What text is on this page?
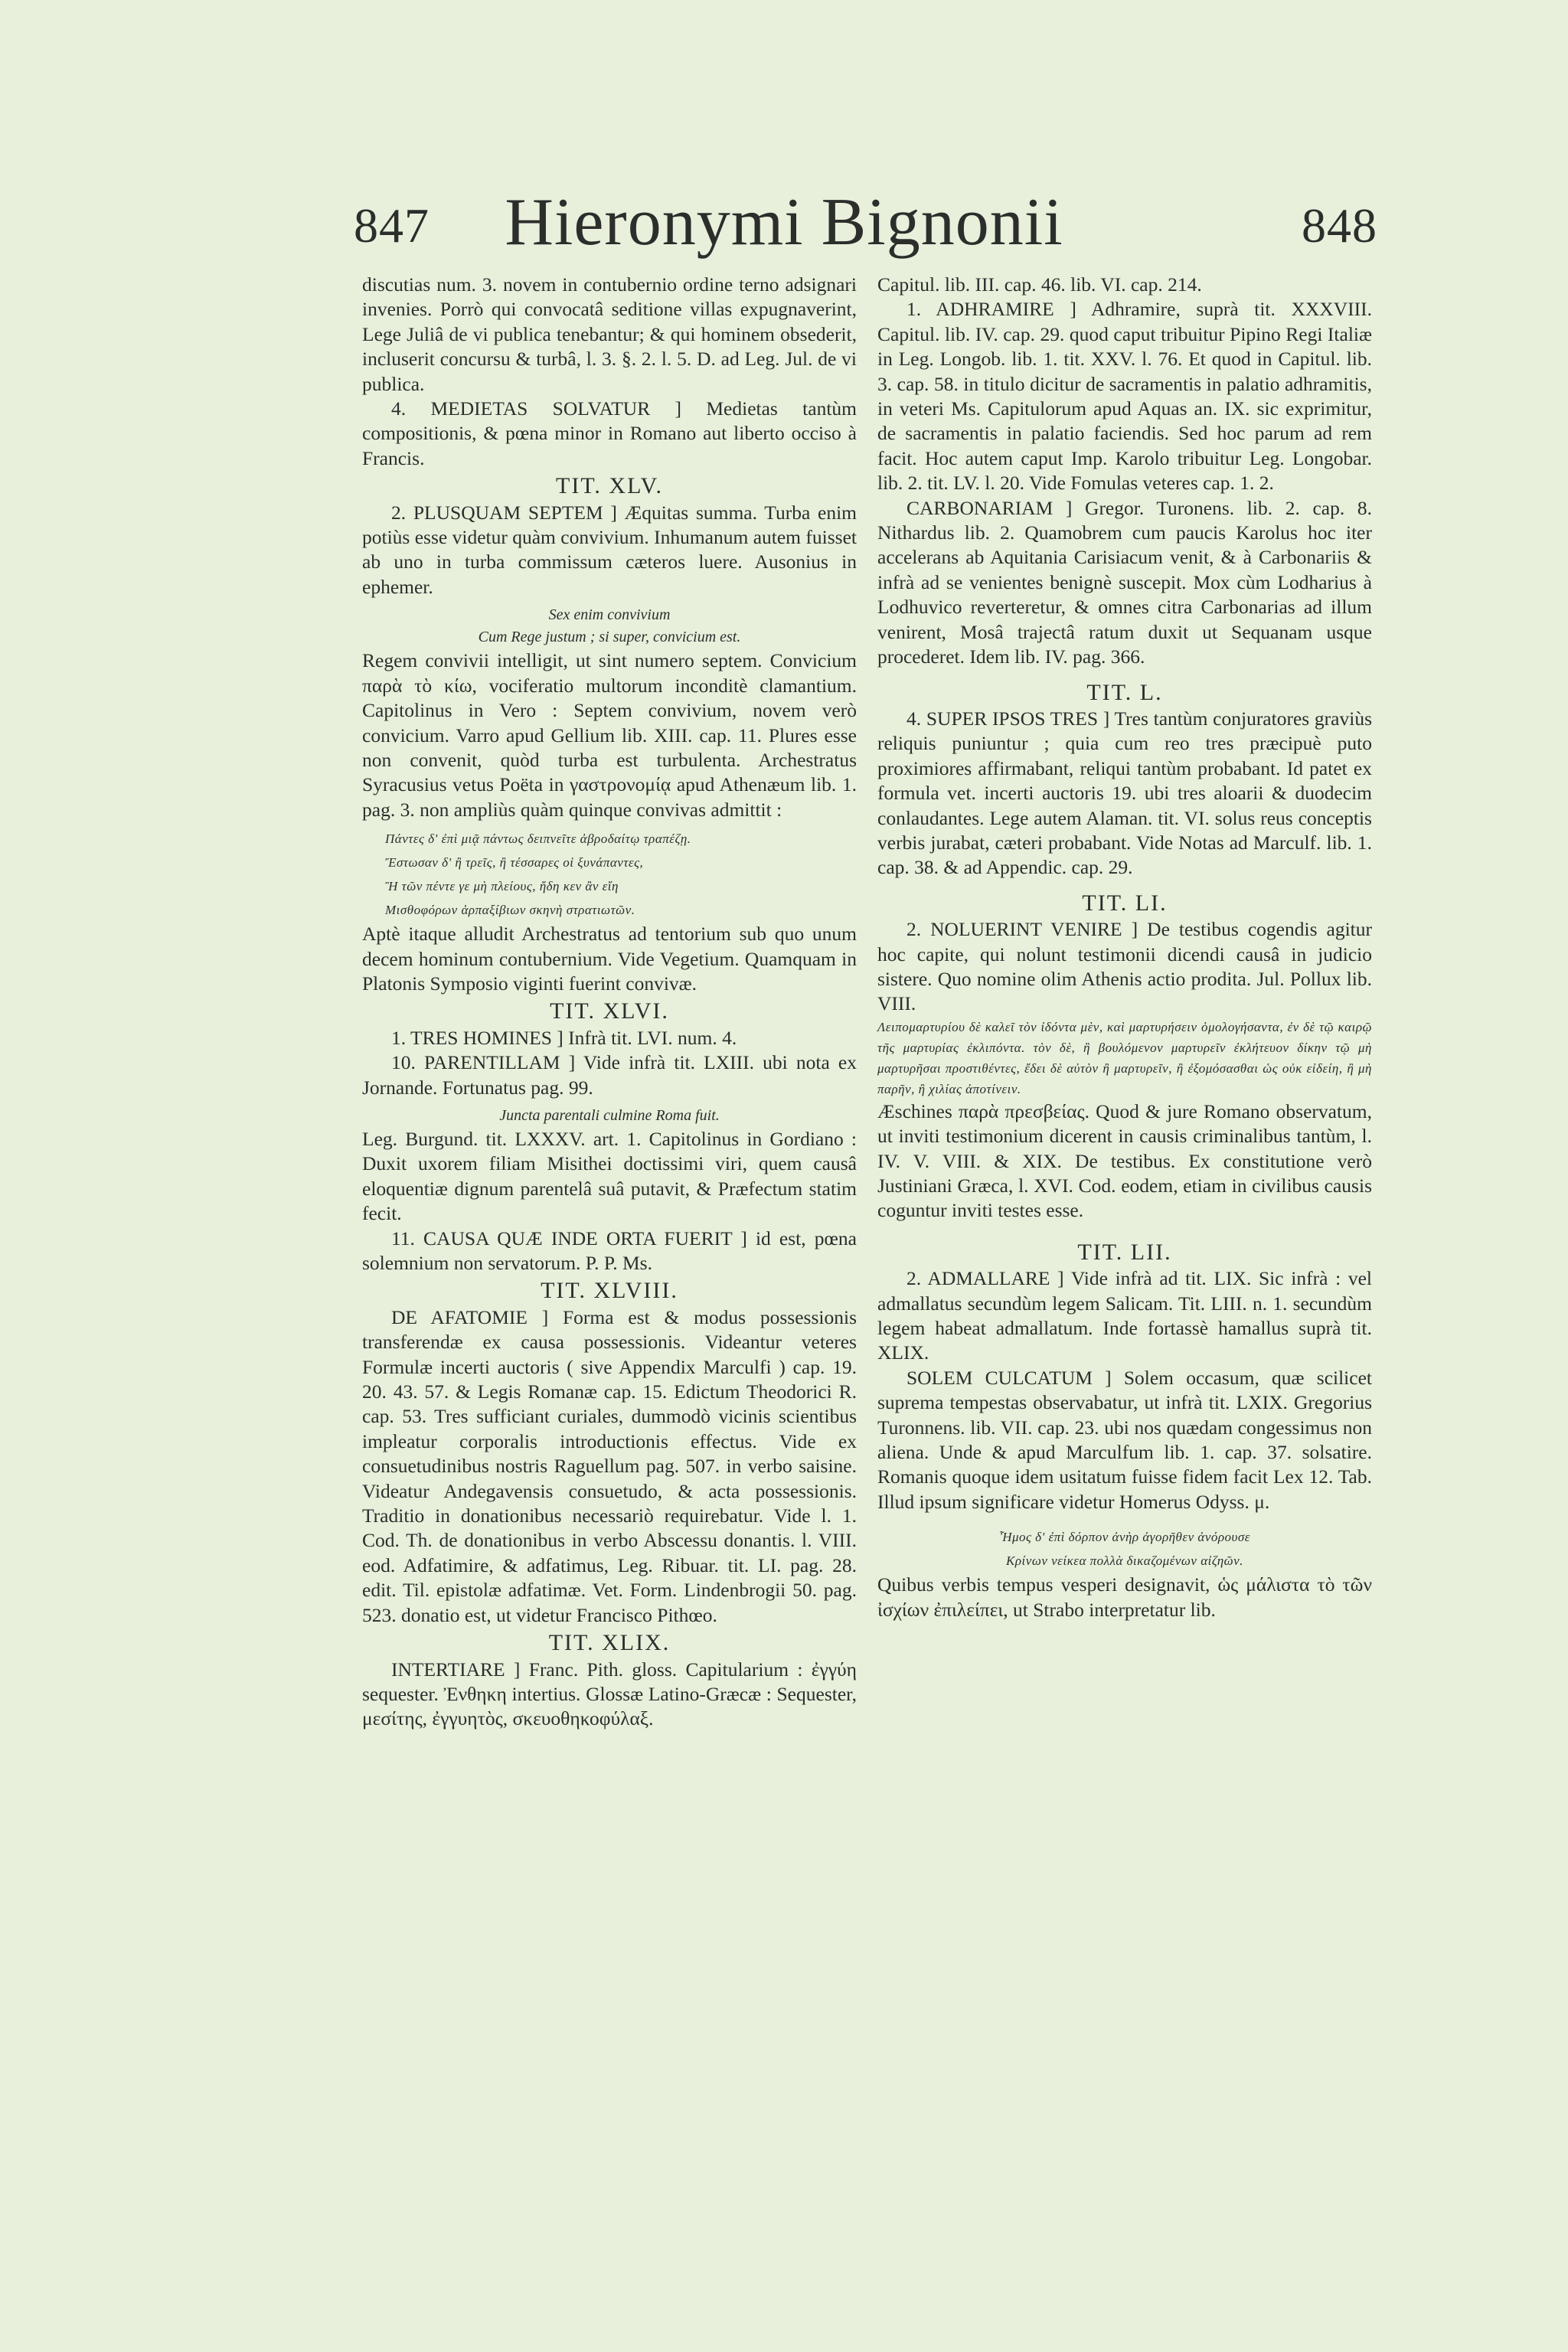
847	Hieronymi Bignonii	848

discutias num. 3. novem in contubernio ordine terno adsignari invenies. Porrò qui convocatâ seditione villas expugnaverint, Lege Juliâ de vi publica tenebantur; & qui hominem obsederit, incluserit concursu & turbâ, l. 3. §. 2. l. 5. D. ad Leg. Jul. de vi publica.

4. MEDIETAS SOLVATUR ] Medietas tantùm compositionis, & pœna minor in Romano aut liberto occiso à Francis.

TIT. XLV.

2. PLUSQUAM SEPTEM ] Æquitas summa. Turba enim potiùs esse videtur quàm convivium. Inhumanum autem fuisset ab uno in turba commissum cæteros luere. Ausonius in ephemer.

Sex enim convivium
Cum Rege justum ; si super, convicium est.

Regem convivii intelligit, ut sint numero septem. Convicium παρὰ τὸ κίω, vociferatio multorum inconditè clamantium. Capitolinus in Vero : Septem convivium, novem verò convicium. Varro apud Gellium lib. XIII. cap. 11. Plures esse non convenit, quòd turba est turbulenta. Archestratus Syracusius vetus Poëta in γαστρονομίᾳ apud Athenæum lib. 1. pag. 3. non ampliùs quàm quinque convivas admittit :

Πάντες δ' ἐπὶ μιᾷ πάντως δειπνεῖτε ἀβροδαίτῳ τραπέζῃ.
Ἔστωσαν δ' ἢ τρεῖς, ἢ τέσσαρες οἱ ξυνάπαντες,
Ἢ τῶν πέντε γε μὴ πλείους, ἤδη κεν ἂν εἴη
Μισθοφόρων ἁρπαξίβιων σκηνὴ στρατιωτῶν.

Aptè itaque alludit Archestratus ad tentorium sub quo unum decem hominum contubernium. Vide Vegetium. Quamquam in Platonis Symposio viginti fuerint convivæ.

TIT. XLVI.

1. TRES HOMINES ] Infrà tit. LVI. num. 4.

10. PARENTILLAM ] Vide infrà tit. LXIII. ubi nota ex Jornande. Fortunatus pag. 99.

Juncta parentali culmine Roma fuit.

Leg. Burgund. tit. LXXXV. art. 1. Capitolinus in Gordiano : Duxit uxorem filiam Misithei doctissimi viri, quem causâ eloquentiæ dignum parentelâ suâ putavit, & Præfectum statim fecit.

11. CAUSA QUÆ INDE ORTA FUERIT ] id est, pœna solemnium non servatorum. P. P. Ms.

TIT. XLVIII.

DE AFATOMIE ] Forma est & modus possessionis transferendæ ex causa possessionis. Videantur veteres Formulæ incerti auctoris ( sive Appendix Marculfi ) cap. 19. 20. 43. 57. & Legis Romanæ cap. 15. Edictum Theodorici R. cap. 53. Tres sufficiant curiales, dummodò vicinis scientibus impleatur corporalis introductionis effectus. Vide ex consuetudinibus nostris Raguellum pag. 507. in verbo saisine. Videatur Andegavensis consuetudo, & acta possessionis. Traditio in donationibus necessariò requirebatur. Vide l. 1. Cod. Th. de donationibus in verbo Abscessu donantis. l. VIII. eod. Adfatimire, & adfatimus, Leg. Ribuar. tit. LI. pag. 28. edit. Til. epistolæ adfatimæ. Vet. Form. Lindenbrogii 50. pag. 523. donatio est, ut videtur Francisco Pithœo.

TIT. XLIX.

INTERTIARE ] Franc. Pith. gloss. Capitularium : ἐγγύη sequester. Ἐνθηκη intertius. Glossæ Latino-Græcæ : Sequester, μεσίτης, ἐγγυητὸς, σκευοθηκοφύλαξ.

Capitul. lib. III. cap. 46. lib. VI. cap. 214.

1. ADHRAMIRE ] Adhramire, suprà tit. XXXVIII. Capitul. lib. IV. cap. 29. quod caput tribuitur Pipino Regi Italiæ in Leg. Longob. lib. 1. tit. XXV. l. 76. Et quod in Capitul. lib. 3. cap. 58. in titulo dicitur de sacramentis in palatio adhramitis, in veteri Ms. Capitulorum apud Aquas an. IX. sic exprimitur, de sacramentis in palatio faciendis. Sed hoc parum ad rem facit. Hoc autem caput Imp. Karolo tribuitur Leg. Longobar. lib. 2. tit. LV. l. 20. Vide Fomulas veteres cap. 1. 2.

CARBONARIAM ] Gregor. Turonens. lib. 2. cap. 8. Nithardus lib. 2. Quamobrem cum paucis Karolus hoc iter accelerans ab Aquitania Carisiacum venit, & à Carbonariis & infrà ad se venientes benignè suscepit. Mox cùm Lodharius à Lodhuvico reverteretur, & omnes citra Carbonarias ad illum venirent, Mosâ trajectâ ratum duxit ut Sequanam usque procederet. Idem lib. IV. pag. 366.

TIT. L.

4. SUPER IPSOS TRES ] Tres tantùm conjuratores graviùs reliquis puniuntur ; quia cum reo tres præcipuè puto proximiores affirmabant, reliqui tantùm probabant. Id patet ex formula vet. incerti auctoris 19. ubi tres aloarii & duodecim conlaudantes. Lege autem Alaman. tit. VI. solus reus conceptis verbis jurabat, cæteri probabant. Vide Notas ad Marculf. lib. 1. cap. 38. & ad Appendic. cap. 29.

TIT. LI.

2. NOLUERINT VENIRE ] De testibus cogendis agitur hoc capite, qui nolunt testimonii dicendi causâ in judicio sistere. Quo nomine olim Athenis actio prodita. Jul. Pollux lib. VIII.

Λειπομαρτυρίου δὲ καλεῖ τὸν ἰδόντα μὲν, καὶ μαρτυρήσειν ὁμολογήσαντα, ἐν δὲ τῷ καιρῷ τῆς μαρτυρίας ἐκλιπόντα. τὸν δὲ, ἢ βουλόμενον μαρτυρεῖν ἐκλήτευον δίκην τῷ μὴ μαρτυρῆσαι προστιθέντες, ἔδει δὲ αὐτὸν ἢ μαρτυρεῖν, ἢ ἐξομόσασθαι ὡς οὐκ εἰδείη, ἢ μὴ παρῆν, ἢ χιλίας ἀποτίνειν.

Æschines παρὰ πρεσβείας. Quod & jure Romano observatum, ut inviti testimonium dicerent in causis criminalibus tantùm, l. IV. V. VIII. & XIX. De testibus. Ex constitutione verò Justiniani Græca, l. XVI. Cod. eodem, etiam in civilibus causis coguntur inviti testes esse.

TIT. LII.

2. ADMALLARE ] Vide infrà ad tit. LIX. Sic infrà : vel admallatus secundùm legem Salicam. Tit. LIII. n. 1. secundùm legem habeat admallatum. Inde fortassè hamallus suprà tit. XLIX.

SOLEM CULCATUM ] Solem occasum, quæ scilicet suprema tempestas observabatur, ut infrà tit. LXIX. Gregorius Turonnens. lib. VII. cap. 23. ubi nos quædam congessimus non aliena. Unde & apud Marculfum lib. 1. cap. 37. solsatire. Romanis quoque idem usitatum fuisse fidem facit Lex 12. Tab. Illud ipsum significare videtur Homerus Odyss. μ.

Ἦμος δ' ἐπὶ δόρπον ἀνὴρ ἀγορῆθεν ἀνόρουσε
Κρίνων νείκεα πολλὰ δικαζομένων αἰζηῶν.

Quibus verbis tempus vesperi designavit, ὡς μάλιστα τὸ τῶν ἰσχίων ἐπιλείπει, ut Strabo interpretatur lib.
